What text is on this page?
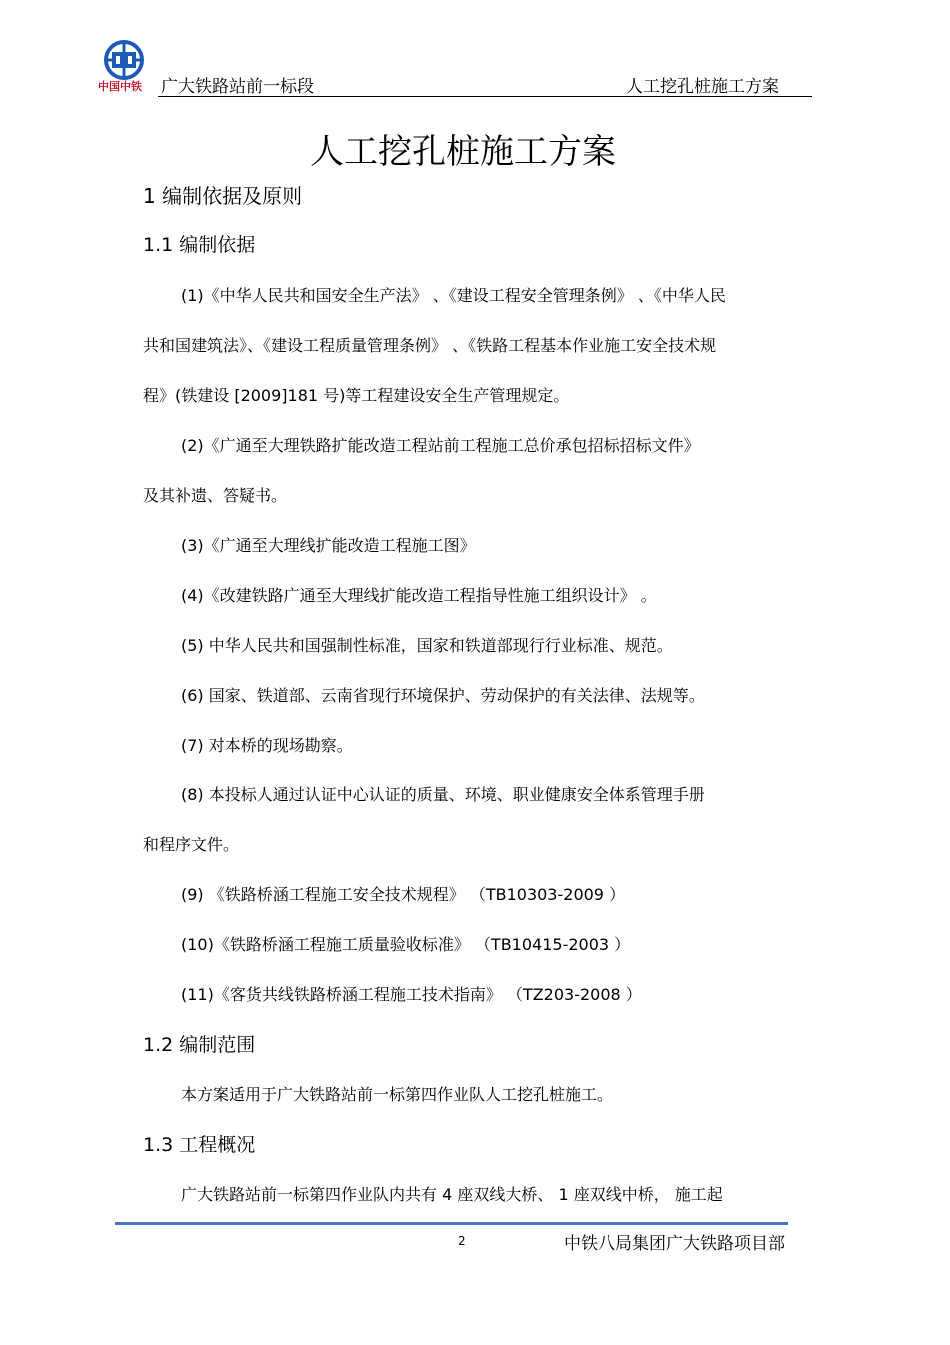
中国中铁 广大铁路站前一标段	人工挖孔桩施工方案
人工挖孔桩施工方案
1 编制依据及原则
1.1 编制依据
(1)《中华人民共和国安全生产法》 、《建设工程安全管理条例》 、《中华人民
共和国建筑法》、《建设工程质量管理条例》 、《铁路工程基本作业施工安全技术规
程》(铁建设 [2009]181 号)等工程建设安全生产管理规定。
(2)《广通至大理铁路扩能改造工程站前工程施工总价承包招标招标文件》
及其补遗、答疑书。
(3)《广通至大理线扩能改造工程施工图》
(4)《改建铁路广通至大理线扩能改造工程指导性施工组织设计》 。
(5) 中华人民共和国强制性标准，国家和铁道部现行行业标准、规范。
(6) 国家、铁道部、云南省现行环境保护、劳动保护的有关法律、法规等。
(7) 对本桥的现场勘察。
(8) 本投标人通过认证中心认证的质量、环境、职业健康安全体系管理手册
和程序文件。
(9) 《铁路桥涵工程施工安全技术规程》 （TB10303-2009 ）
(10)《铁路桥涵工程施工质量验收标准》 （TB10415-2003 ）
(11)《客货共线铁路桥涵工程施工技术指南》 （TZ203-2008 ）
1.2 编制范围
本方案适用于广大铁路站前一标第四作业队人工挖孔桩施工。
1.3 工程概况
广大铁路站前一标第四作业队内共有 4 座双线大桥、 1 座双线中桥， 施工起
2	中铁八局集团广大铁路项目部
